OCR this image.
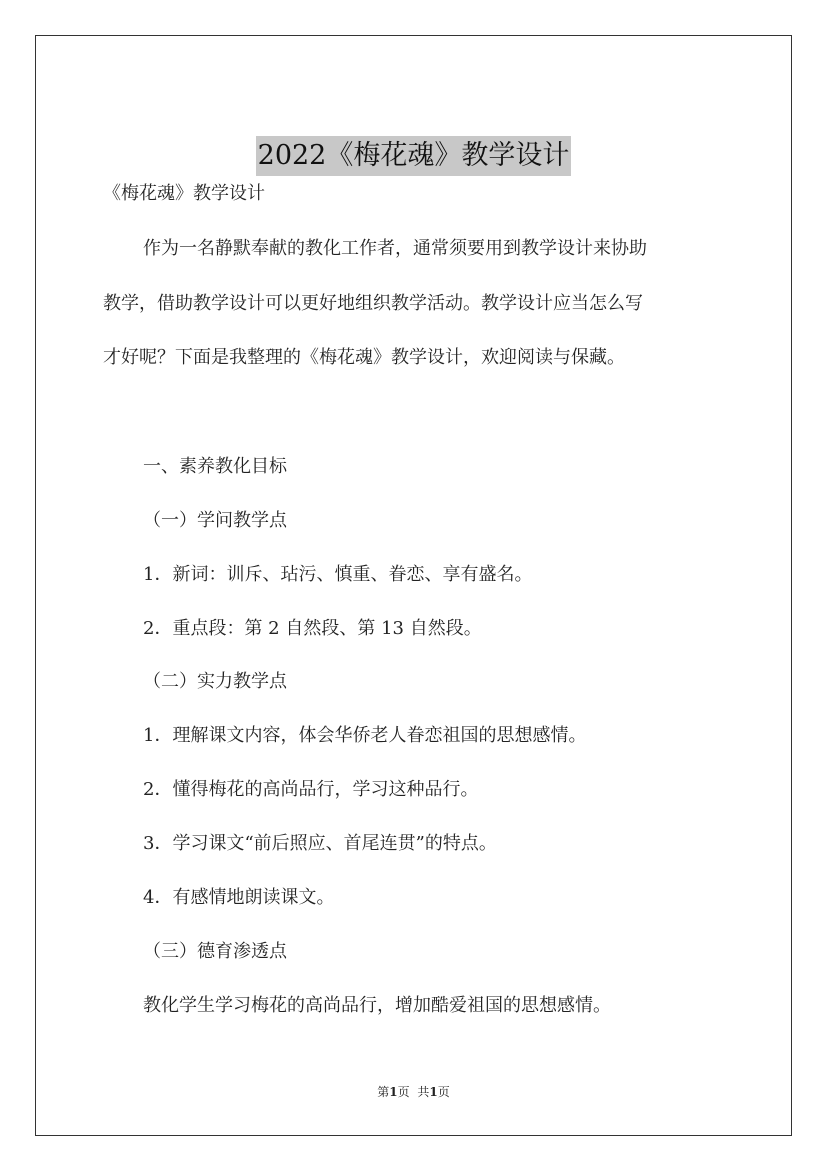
2022《梅花魂》教学设计
《梅花魂》教学设计
作为一名静默奉献的教化工作者，通常须要用到教学设计来协助
教学，借助教学设计可以更好地组织教学活动。教学设计应当怎么写
才好呢？下面是我整理的《梅花魂》教学设计，欢迎阅读与保藏。
一、素养教化目标
（一）学问教学点
1．新词：训斥、玷污、慎重、眷恋、享有盛名。
2．重点段：第 2 自然段、第 13 自然段。
（二）实力教学点
1．理解课文内容，体会华侨老人眷恋祖国的思想感情。
2．懂得梅花的高尚品行，学习这种品行。
3．学习课文“前后照应、首尾连贯”的特点。
4．有感情地朗读课文。
（三）德育渗透点
教化学生学习梅花的高尚品行，增加酷爱祖国的思想感情。
第1页 共1页
